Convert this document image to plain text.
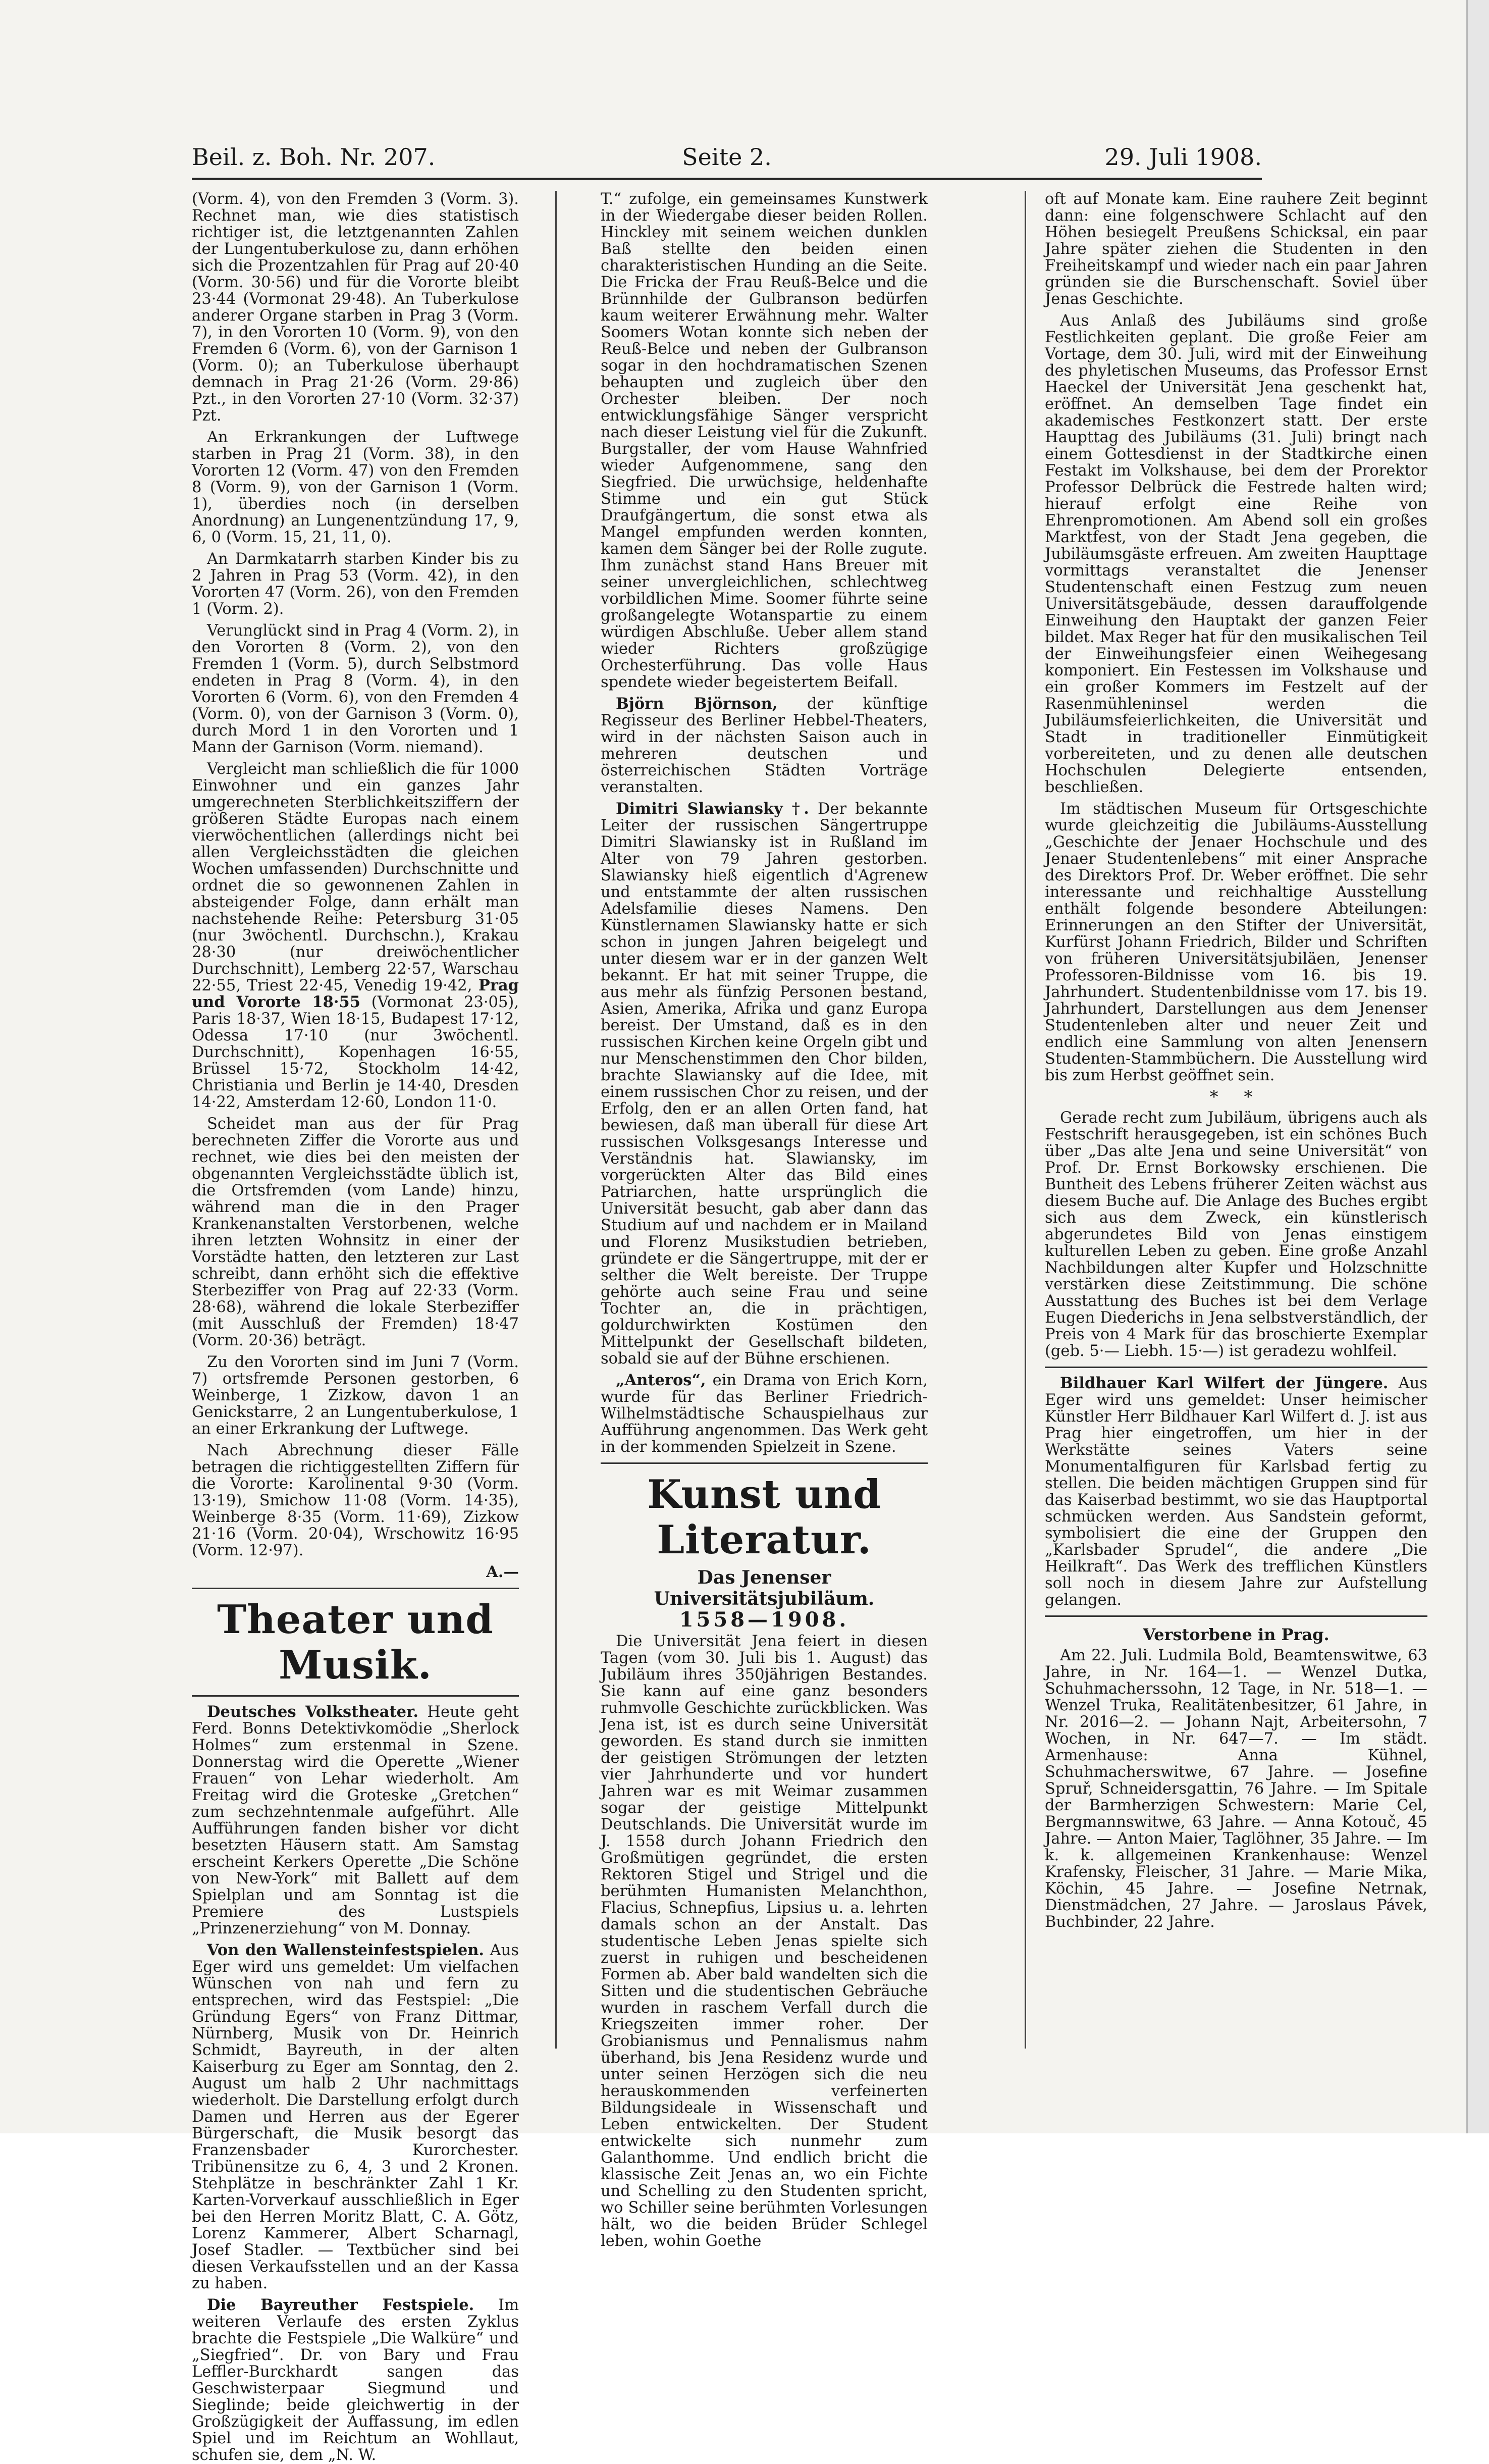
Beil. z. Boh. Nr. 207.	Seite 2.	29. Juli 1908.

(Vorm. 4), von den Fremden 3 (Vorm. 3). Rechnet man, wie dies statistisch richtiger ist, die letztgenannten Zahlen der Lungentuberkulose zu, dann erhöhen sich die Prozentzahlen für Prag auf 20·40 (Vorm. 30·56) und für die Vororte bleibt 23·44 (Vormonat 29·48). An Tuberkulose anderer Organe starben in Prag 3 (Vorm. 7), in den Vororten 10 (Vorm. 9), von den Fremden 6 (Vorm. 6), von der Garnison 1 (Vorm. 0); an Tuberkulose überhaupt demnach in Prag 21·26 (Vorm. 29·86) Pzt., in den Vororten 27·10 (Vorm. 32·37) Pzt.

An Erkrankungen der Luftwege starben in Prag 21 (Vorm. 38), in den Vororten 12 (Vorm. 47) von den Fremden 8 (Vorm. 9), von der Garnison 1 (Vorm. 1), überdies noch (in derselben Anordnung) an Lungenentzündung 17, 9, 6, 0 (Vorm. 15, 21, 11, 0).

An Darmkatarrh starben Kinder bis zu 2 Jahren in Prag 53 (Vorm. 42), in den Vororten 47 (Vorm. 26), von den Fremden 1 (Vorm. 2).

Verunglückt sind in Prag 4 (Vorm. 2), in den Vororten 8 (Vorm. 2), von den Fremden 1 (Vorm. 5), durch Selbstmord endeten in Prag 8 (Vorm. 4), in den Vororten 6 (Vorm. 6), von den Fremden 4 (Vorm. 0), von der Garnison 3 (Vorm. 0), durch Mord 1 in den Vororten und 1 Mann der Garnison (Vorm. niemand).

Vergleicht man schließlich die für 1000 Einwohner und ein ganzes Jahr umgerechneten Sterblichkeitsziffern der größeren Städte Europas nach einem vierwöchentlichen (allerdings nicht bei allen Vergleichsstädten die gleichen Wochen umfassenden) Durchschnitte und ordnet die so gewonnenen Zahlen in absteigender Folge, dann erhält man nachstehende Reihe: Petersburg 31·05 (nur 3wöchentl. Durchschn.), Krakau 28·30 (nur dreiwöchentlicher Durchschnitt), Lemberg 22·57, Warschau 22·55, Triest 22·45, Venedig 19·42, Prag und Vororte 18·55 (Vormonat 23·05), Paris 18·37, Wien 18·15, Budapest 17·12, Odessa 17·10 (nur 3wöchentl. Durchschnitt), Kopenhagen 16·55, Brüssel 15·72, Stockholm 14·42, Christiania und Berlin je 14·40, Dresden 14·22, Amsterdam 12·60, London 11·0.

Scheidet man aus der für Prag berechneten Ziffer die Vororte aus und rechnet, wie dies bei den meisten der obgenannten Vergleichsstädte üblich ist, die Ortsfremden (vom Lande) hinzu, während man die in den Prager Krankenanstalten Verstorbenen, welche ihren letzten Wohnsitz in einer der Vorstädte hatten, den letzteren zur Last schreibt, dann erhöht sich die effektive Sterbeziffer von Prag auf 22·33 (Vorm. 28·68), während die lokale Sterbeziffer (mit Ausschluß der Fremden) 18·47 (Vorm. 20·36) beträgt.

Zu den Vororten sind im Juni 7 (Vorm. 7) ortsfremde Personen gestorben, 6 Weinberge, 1 Zizkow, davon 1 an Genickstarre, 2 an Lungentuberkulose, 1 an einer Erkrankung der Luftwege.

Nach Abrechnung dieser Fälle betragen die richtiggestellten Ziffern für die Vororte: Karolinental 9·30 (Vorm. 13·19), Smichow 11·08 (Vorm. 14·35), Weinberge 8·35 (Vorm. 11·69), Zizkow 21·16 (Vorm. 20·04), Wrschowitz 16·95 (Vorm. 12·97).

A.—
Theater und Musik.

Deutsches Volkstheater. Heute geht Ferd. Bonns Detektivkomödie „Sherlock Holmes“ zum erstenmal in Szene. Donnerstag wird die Operette „Wiener Frauen“ von Lehar wiederholt. Am Freitag wird die Groteske „Gretchen“ zum sechzehntenmale aufgeführt. Alle Aufführungen fanden bisher vor dicht besetzten Häusern statt. Am Samstag erscheint Kerkers Operette „Die Schöne von New-York“ mit Ballett auf dem Spielplan und am Sonntag ist die Premiere des Lustspiels „Prinzenerziehung“ von M. Donnay.

Von den Wallensteinfestspielen. Aus Eger wird uns gemeldet: Um vielfachen Wünschen von nah und fern zu entsprechen, wird das Festspiel: „Die Gründung Egers“ von Franz Dittmar, Nürnberg, Musik von Dr. Heinrich Schmidt, Bayreuth, in der alten Kaiserburg zu Eger am Sonntag, den 2. August um halb 2 Uhr nachmittags wiederholt. Die Darstellung erfolgt durch Damen und Herren aus der Egerer Bürgerschaft, die Musik besorgt das Franzensbader Kurorchester. Tribünensitze zu 6, 4, 3 und 2 Kronen. Stehplätze in beschränkter Zahl 1 Kr. Karten-Vorverkauf ausschließlich in Eger bei den Herren Moritz Blatt, C. A. Götz, Lorenz Kammerer, Albert Scharnagl, Josef Stadler. — Textbücher sind bei diesen Verkaufsstellen und an der Kassa zu haben.

Die Bayreuther Festspiele. Im weiteren Verlaufe des ersten Zyklus brachte die Festspiele „Die Walküre“ und „Siegfried“. Dr. von Bary und Frau Leffler-Burckhardt sangen das Geschwisterpaar Siegmund und Sieglinde; beide gleichwertig in der Großzügigkeit der Auffassung, im edlen Spiel und im Reichtum an Wohllaut, schufen sie, dem „N. W.

T.“ zufolge, ein gemeinsames Kunstwerk in der Wiedergabe dieser beiden Rollen. Hinckley mit seinem weichen dunklen Baß stellte den beiden einen charakteristischen Hunding an die Seite. Die Fricka der Frau Reuß-Belce und die Brünnhilde der Gulbranson bedürfen kaum weiterer Erwähnung mehr. Walter Soomers Wotan konnte sich neben der Reuß-Belce und neben der Gulbranson sogar in den hochdramatischen Szenen behaupten und zugleich über den Orchester bleiben. Der noch entwicklungsfähige Sänger verspricht nach dieser Leistung viel für die Zukunft. Burgstaller, der vom Hause Wahnfried wieder Aufgenommene, sang den Siegfried. Die urwüchsige, heldenhafte Stimme und ein gut Stück Draufgängertum, die sonst etwa als Mangel empfunden werden konnten, kamen dem Sänger bei der Rolle zugute. Ihm zunächst stand Hans Breuer mit seiner unvergleichlichen, schlechtweg vorbildlichen Mime. Soomer führte seine großangelegte Wotanspartie zu einem würdigen Abschluße. Ueber allem stand wieder Richters großzügige Orchesterführung. Das volle Haus spendete wieder begeistertem Beifall.

Björn Björnson, der künftige Regisseur des Berliner Hebbel-Theaters, wird in der nächsten Saison auch in mehreren deutschen und österreichischen Städten Vorträge veranstalten.

Dimitri Slawiansky †. Der bekannte Leiter der russischen Sängertruppe Dimitri Slawiansky ist in Rußland im Alter von 79 Jahren gestorben. Slawiansky hieß eigentlich d'Agrenew und entstammte der alten russischen Adelsfamilie dieses Namens. Den Künstlernamen Slawiansky hatte er sich schon in jungen Jahren beigelegt und unter diesem war er in der ganzen Welt bekannt. Er hat mit seiner Truppe, die aus mehr als fünfzig Personen bestand, Asien, Amerika, Afrika und ganz Europa bereist. Der Umstand, daß es in den russischen Kirchen keine Orgeln gibt und nur Menschenstimmen den Chor bilden, brachte Slawiansky auf die Idee, mit einem russischen Chor zu reisen, und der Erfolg, den er an allen Orten fand, hat bewiesen, daß man überall für diese Art russischen Volksgesangs Interesse und Verständnis hat. Slawiansky, im vorgerückten Alter das Bild eines Patriarchen, hatte ursprünglich die Universität besucht, gab aber dann das Studium auf und nachdem er in Mailand und Florenz Musikstudien betrieben, gründete er die Sängertruppe, mit der er selther die Welt bereiste. Der Truppe gehörte auch seine Frau und seine Tochter an, die in prächtigen, goldurchwirkten Kostümen den Mittelpunkt der Gesellschaft bildeten, sobald sie auf der Bühne erschienen.

„Anteros“, ein Drama von Erich Korn, wurde für das Berliner Friedrich-Wilhelmstädtische Schauspielhaus zur Aufführung angenommen. Das Werk geht in der kommenden Spielzeit in Szene.

Kunst und Literatur.
Das Jenenser Universitätsjubiläum.
1558—1908.

Die Universität Jena feiert in diesen Tagen (vom 30. Juli bis 1. August) das Jubiläum ihres 350jährigen Bestandes. Sie kann auf eine ganz besonders ruhmvolle Geschichte zurückblicken. Was Jena ist, ist es durch seine Universität geworden. Es stand durch sie inmitten der geistigen Strömungen der letzten vier Jahrhunderte und vor hundert Jahren war es mit Weimar zusammen sogar der geistige Mittelpunkt Deutschlands. Die Universität wurde im J. 1558 durch Johann Friedrich den Großmütigen gegründet, die ersten Rektoren Stigel und Strigel und die berühmten Humanisten Melanchthon, Flacius, Schnepfius, Lipsius u. a. lehrten damals schon an der Anstalt. Das studentische Leben Jenas spielte sich zuerst in ruhigen und bescheidenen Formen ab. Aber bald wandelten sich die Sitten und die studentischen Gebräuche wurden in raschem Verfall durch die Kriegszeiten immer roher. Der Grobianismus und Pennalismus nahm überhand, bis Jena Residenz wurde und unter seinen Herzögen sich die neu herauskommenden verfeinerten Bildungsideale in Wissenschaft und Leben entwickelten. Der Student entwickelte sich nunmehr zum Galanthomme. Und endlich bricht die klassische Zeit Jenas an, wo ein Fichte und Schelling zu den Studenten spricht, wo Schiller seine berühmten Vorlesungen hält, wo die beiden Brüder Schlegel leben, wohin Goethe

oft auf Monate kam. Eine rauhere Zeit beginnt dann: eine folgenschwere Schlacht auf den Höhen besiegelt Preußens Schicksal, ein paar Jahre später ziehen die Studenten in den Freiheitskampf und wieder nach ein paar Jahren gründen sie die Burschenschaft. Soviel über Jenas Geschichte.

Aus Anlaß des Jubiläums sind große Festlichkeiten geplant. Die große Feier am Vortage, dem 30. Juli, wird mit der Einweihung des phyletischen Museums, das Professor Ernst Haeckel der Universität Jena geschenkt hat, eröffnet. An demselben Tage findet ein akademisches Festkonzert statt. Der erste Haupttag des Jubiläums (31. Juli) bringt nach einem Gottesdienst in der Stadtkirche einen Festakt im Volkshause, bei dem der Prorektor Professor Delbrück die Festrede halten wird; hierauf erfolgt eine Reihe von Ehrenpromotionen. Am Abend soll ein großes Marktfest, von der Stadt Jena gegeben, die Jubiläumsgäste erfreuen. Am zweiten Haupttage vormittags veranstaltet die Jenenser Studentenschaft einen Festzug zum neuen Universitätsgebäude, dessen darauffolgende Einweihung den Hauptakt der ganzen Feier bildet. Max Reger hat für den musikalischen Teil der Einweihungsfeier einen Weihegesang komponiert. Ein Festessen im Volkshause und ein großer Kommers im Festzelt auf der Rasenmühleninsel werden die Jubiläumsfeierlichkeiten, die Universität und Stadt in traditioneller Einmütigkeit vorbereiteten, und zu denen alle deutschen Hochschulen Delegierte entsenden, beschließen.

Im städtischen Museum für Ortsgeschichte wurde gleichzeitig die Jubiläums-Ausstellung „Geschichte der Jenaer Hochschule und des Jenaer Studentenlebens“ mit einer Ansprache des Direktors Prof. Dr. Weber eröffnet. Die sehr interessante und reichhaltige Ausstellung enthält folgende besondere Abteilungen: Erinnerungen an den Stifter der Universität, Kurfürst Johann Friedrich, Bilder und Schriften von früheren Universitätsjubiläen, Jenenser Professoren-Bildnisse vom 16. bis 19. Jahrhundert. Studentenbildnisse vom 17. bis 19. Jahrhundert, Darstellungen aus dem Jenenser Studentenleben alter und neuer Zeit und endlich eine Sammlung von alten Jenensern Studenten-Stammbüchern. Die Ausstellung wird bis zum Herbst geöffnet sein.

* *

Gerade recht zum Jubiläum, übrigens auch als Festschrift herausgegeben, ist ein schönes Buch über „Das alte Jena und seine Universität“ von Prof. Dr. Ernst Borkowsky erschienen. Die Buntheit des Lebens früherer Zeiten wächst aus diesem Buche auf. Die Anlage des Buches ergibt sich aus dem Zweck, ein künstlerisch abgerundetes Bild von Jenas einstigem kulturellen Leben zu geben. Eine große Anzahl Nachbildungen alter Kupfer und Holzschnitte verstärken diese Zeitstimmung. Die schöne Ausstattung des Buches ist bei dem Verlage Eugen Diederichs in Jena selbstverständlich, der Preis von 4 Mark für das broschierte Exemplar (geb. 5·— Liebh. 15·—) ist geradezu wohlfeil.

Bildhauer Karl Wilfert der Jüngere. Aus Eger wird uns gemeldet: Unser heimischer Künstler Herr Bildhauer Karl Wilfert d. J. ist aus Prag hier eingetroffen, um hier in der Werkstätte seines Vaters seine Monumentalfiguren für Karlsbad fertig zu stellen. Die beiden mächtigen Gruppen sind für das Kaiserbad bestimmt, wo sie das Hauptportal schmücken werden. Aus Sandstein geformt, symbolisiert die eine der Gruppen den „Karlsbader Sprudel“, die andere „Die Heilkraft“. Das Werk des trefflichen Künstlers soll noch in diesem Jahre zur Aufstellung gelangen.

Verstorbene in Prag.

Am 22. Juli. Ludmila Bold, Beamtenswitwe, 63 Jahre, in Nr. 164—1. — Wenzel Dutka, Schuhmacherssohn, 12 Tage, in Nr. 518—1. — Wenzel Truka, Realitätenbesitzer, 61 Jahre, in Nr. 2016—2. — Johann Najt, Arbeitersohn, 7 Wochen, in Nr. 647—7. — Im städt. Armenhause: Anna Kühnel, Schuhmacherswitwe, 67 Jahre. — Josefine Spruř, Schneidersgattin, 76 Jahre. — Im Spitale der Barmherzigen Schwestern: Marie Cel, Bergmannswitwe, 63 Jahre. — Anna Kotouč, 45 Jahre. — Anton Maier, Taglöhner, 35 Jahre. — Im k. k. allgemeinen Krankenhause: Wenzel Krafensky, Fleischer, 31 Jahre. — Marie Mika, Köchin, 45 Jahre. — Josefine Netrnak, Dienstmädchen, 27 Jahre. — Jaroslaus Pávek, Buchbinder, 22 Jahre.
